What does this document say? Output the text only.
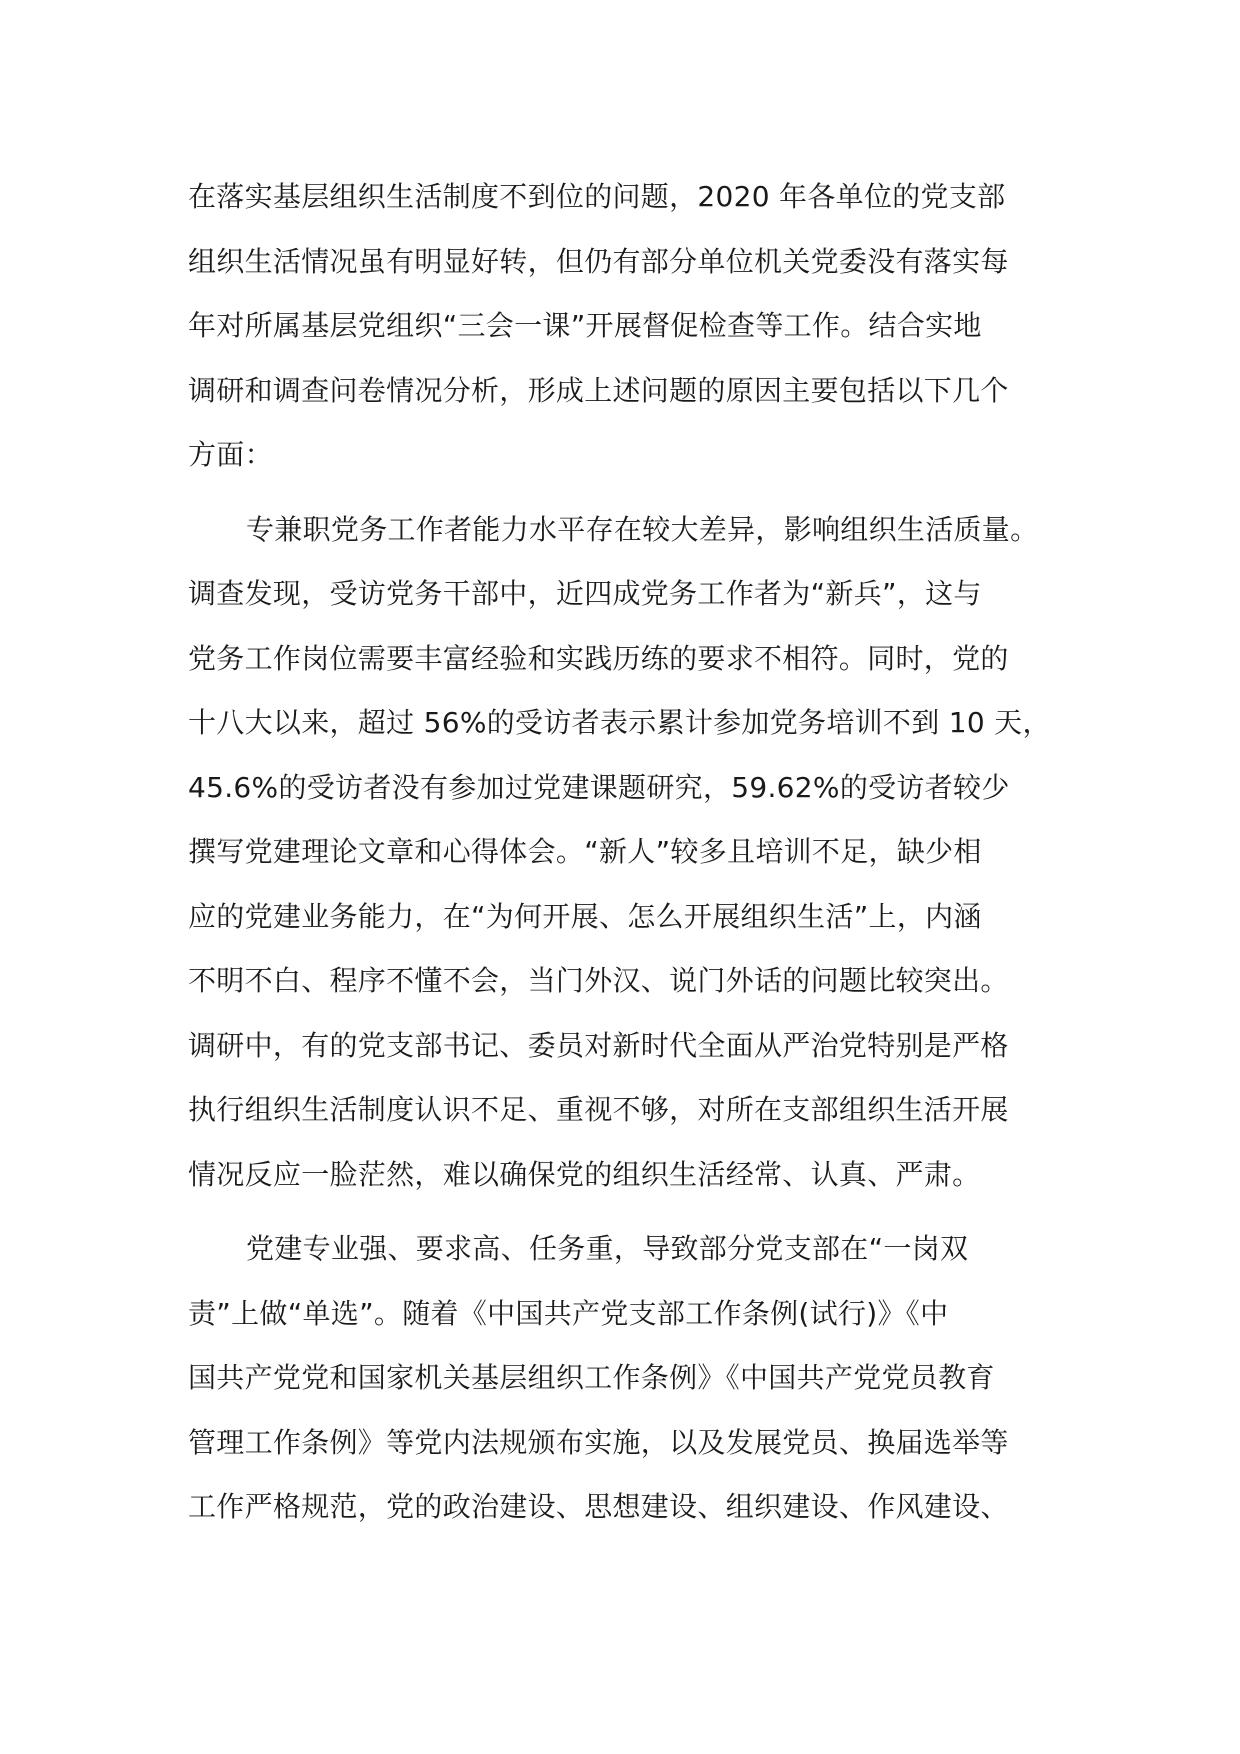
在落实基层组织生活制度不到位的问题，2020 年各单位的党支部
组织生活情况虽有明显好转，但仍有部分单位机关党委没有落实每
年对所属基层党组织“三会一课”开展督促检查等工作。结合实地
调研和调查问卷情况分析，形成上述问题的原因主要包括以下几个
方面：
专兼职党务工作者能力水平存在较大差异，影响组织生活质量。
调查发现，受访党务干部中，近四成党务工作者为“新兵”，这与
党务工作岗位需要丰富经验和实践历练的要求不相符。同时，党的
十八大以来，超过 56%的受访者表示累计参加党务培训不到 10 天，
45.6%的受访者没有参加过党建课题研究，59.62%的受访者较少
撰写党建理论文章和心得体会。“新人”较多且培训不足，缺少相
应的党建业务能力，在“为何开展、怎么开展组织生活”上，内涵
不明不白、程序不懂不会，当门外汉、说门外话的问题比较突出。
调研中，有的党支部书记、委员对新时代全面从严治党特别是严格
执行组织生活制度认识不足、重视不够，对所在支部组织生活开展
情况反应一脸茫然，难以确保党的组织生活经常、认真、严肃。
党建专业强、要求高、任务重，导致部分党支部在“一岗双
责”上做“单选”。随着《中国共产党支部工作条例(试行)》《中
国共产党党和国家机关基层组织工作条例》《中国共产党党员教育
管理工作条例》等党内法规颁布实施，以及发展党员、换届选举等
工作严格规范，党的政治建设、思想建设、组织建设、作风建设、
